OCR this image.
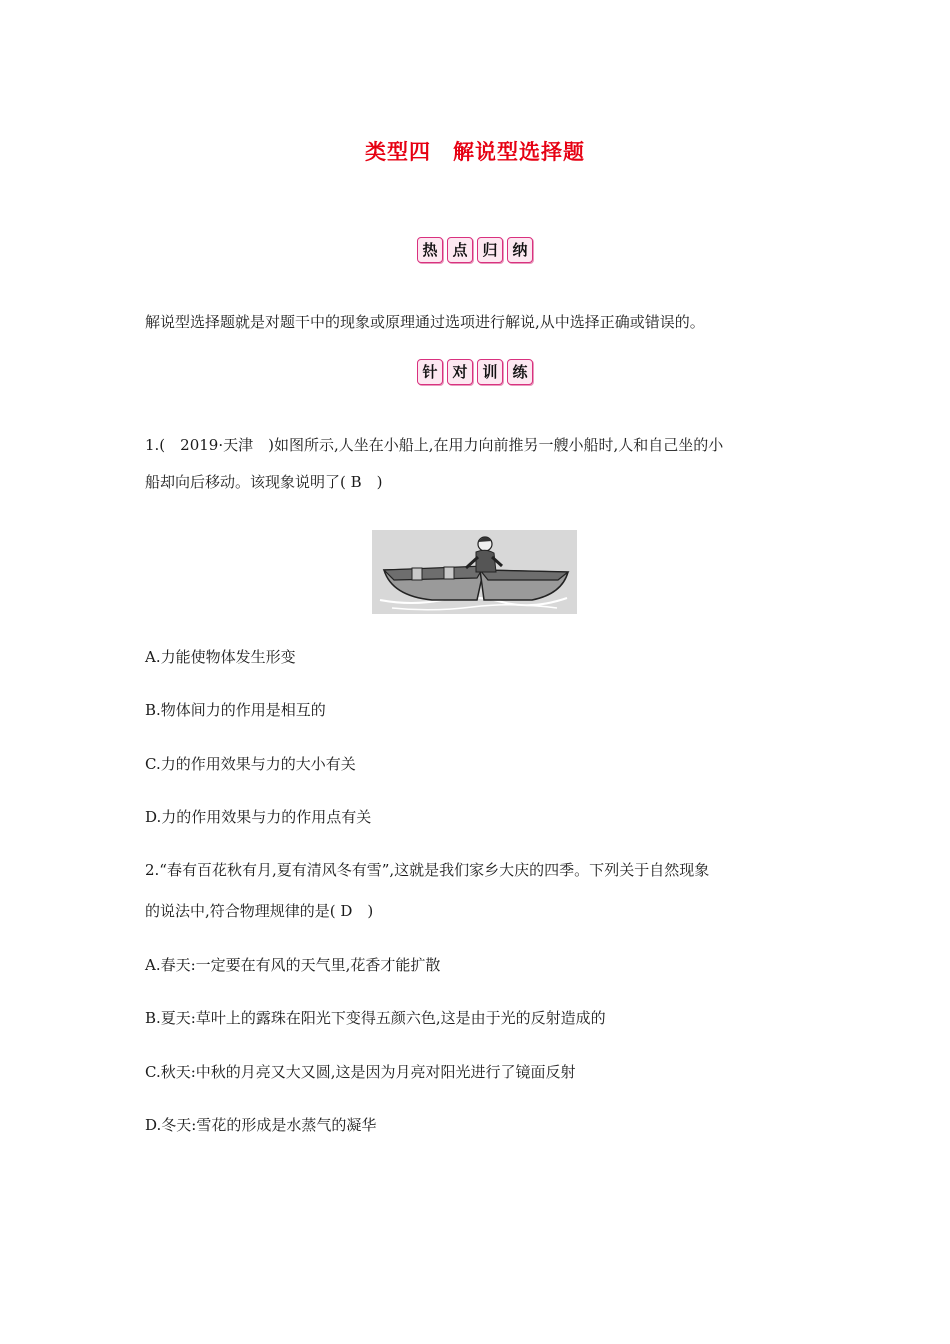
类型四　解说型选择题
热 点 归 纳
解说型选择题就是对题干中的现象或原理通过选项进行解说,从中选择正确或错误的。
针 对 训 练
1.(　2019·天津　)如图所示,人坐在小船上,在用力向前推另一艘小船时,人和自己坐的小
船却向后移动。该现象说明了( B　)
A.力能使物体发生形变
B.物体间力的作用是相互的
C.力的作用效果与力的大小有关
D.力的作用效果与力的作用点有关
2.“春有百花秋有月,夏有清风冬有雪”,这就是我们家乡大庆的四季。下列关于自然现象
的说法中,符合物理规律的是( D　)
A.春天:一定要在有风的天气里,花香才能扩散
B.夏天:草叶上的露珠在阳光下变得五颜六色,这是由于光的反射造成的
C.秋天:中秋的月亮又大又圆,这是因为月亮对阳光进行了镜面反射
D.冬天:雪花的形成是水蒸气的凝华
